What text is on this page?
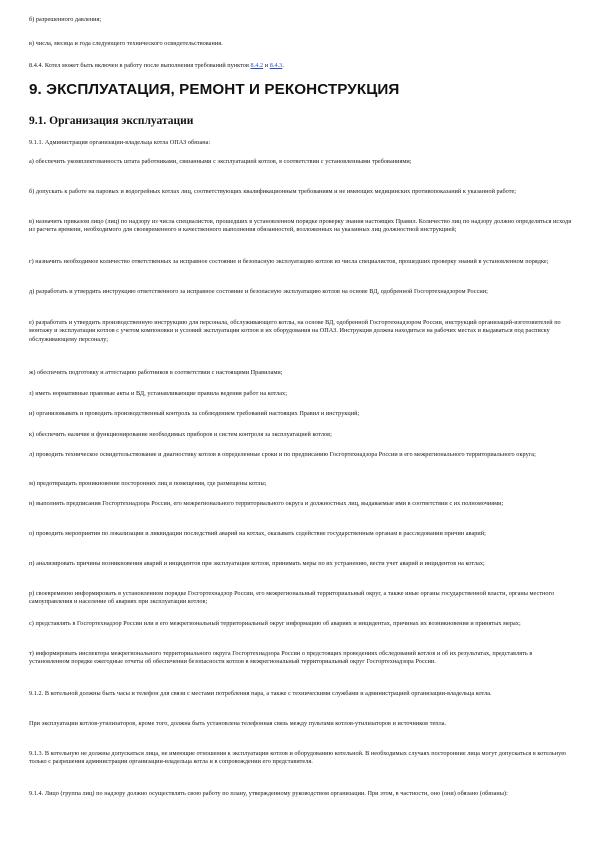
б) разрешенного давления;

в) числа, месяца и года следующего технического освидетельствования.

8.4.4. Котел может быть включен в работу после выполнения требований пунктов 8.4.2 и 8.4.3.

9. ЭКСПЛУАТАЦИЯ, РЕМОНТ И РЕКОНСТРУКЦИЯ
9.1. Организация эксплуатации

9.1.1. Администрация организации-владельца котла ОПАЗ обязана:

а) обеспечить укомплектованность штата работниками, связанными с эксплуатацией котлов, в соответствии с установленными требованиями;

б) допускать к работе на паровых и водогрейных котлах лиц, соответствующих квалификационным требованиям и не имеющих медицинских противопоказаний к указанной работе;

в) назначить приказом лицо (лиц) по надзору из числа специалистов, прошедших в установленном порядке проверку знания настоящих Правил. Количество лиц по надзору должно определяться исходя из расчета времени, необходимого для своевременного и качественного выполнения обязанностей, возложенных на указанных лиц должностной инструкцией;

г) назначить необходимое количество ответственных за исправное состояние и безопасную эксплуатацию котлов из числа специалистов, прошедших проверку знаний в установленном порядке;

д) разработать и утвердить инструкцию ответственного за исправное состояние и безопасную эксплуатацию котлов на основе ВД, одобренной Госгортехнадзором России;

е) разработать и утвердить производственную инструкцию для персонала, обслуживающего котлы, на основе ВД, одобренной Госгортехнадзором России, инструкций организаций-изготовителей по монтажу и эксплуатации котлов с учетом компоновки и условий эксплуатации котлов и их оборудования на ОПАЗ. Инструкция должна находиться на рабочих местах и выдаваться под расписку обслуживающему персоналу;

ж) обеспечить подготовку и аттестацию работников в соответствии с настоящими Правилами;

з) иметь нормативные правовые акты и ВД, устанавливающие правила ведения работ на котлах;

и) организовывать и проводить производственный контроль за соблюдением требований настоящих Правил и инструкций;

к) обеспечить наличие и функционирование необходимых приборов и систем контроля за эксплуатацией котлов;

л) проводить техническое освидетельствование и диагностику котлов в определенные сроки и по предписанию Госгортехнадзора России и его межрегионального территориального округа;

м) предотвращать проникновение посторонних лиц в помещения, где размещены котлы;

н) выполнять предписания Госгортехнадзора России, его межрегионального территориального округа и должностных лиц, выдаваемые ими в соответствии с их полномочиями;

о) проводить мероприятия по локализации и ликвидации последствий аварий на котлах, оказывать содействие государственным органам в расследовании причин аварий;

п) анализировать причины возникновения аварий и инцидентов при эксплуатации котлов, принимать меры по их устранению, вести учет аварий и инцидентов на котлах;

р) своевременно информировать в установленном порядке Госгортехнадзор России, его межрегиональный территориальный округ, а также иные органы государственной власти, органы местного самоуправления и население об авариях при эксплуатации котлов;

с) представлять в Госгортехнадзор России или в его межрегиональный территориальный округ информацию об авариях и инцидентах, причинах их возникновения и принятых мерах;

т) информировать инспектора межрегионального территориального округа Госгортехнадзора России о предстоящих проведениях обследований котлов и об их результатах, представлять в установленном порядке ежегодные отчеты об обеспечении безопасности котлов в межрегиональный территориальный округ Госгортехнадзора России.

9.1.2. В котельной должны быть часы и телефон для связи с местами потребления пара, а также с техническими службами и администрацией организации-владельца котла.

При эксплуатации котлов-утилизаторов, кроме того, должна быть установлена телефонная связь между пультами котлов-утилизаторов и источников тепла.

9.1.3. В котельную не должны допускаться лица, не имеющие отношения к эксплуатации котлов и оборудованию котельной. В необходимых случаях посторонние лица могут допускаться в котельную только с разрешения администрации организации-владельца котла и в сопровождении его представителя.

9.1.4. Лицо (группа лиц) по надзору должно осуществлять свою работу по плану, утвержденному руководством организации. При этом, в частности, оно (они) обязано (обязаны):
